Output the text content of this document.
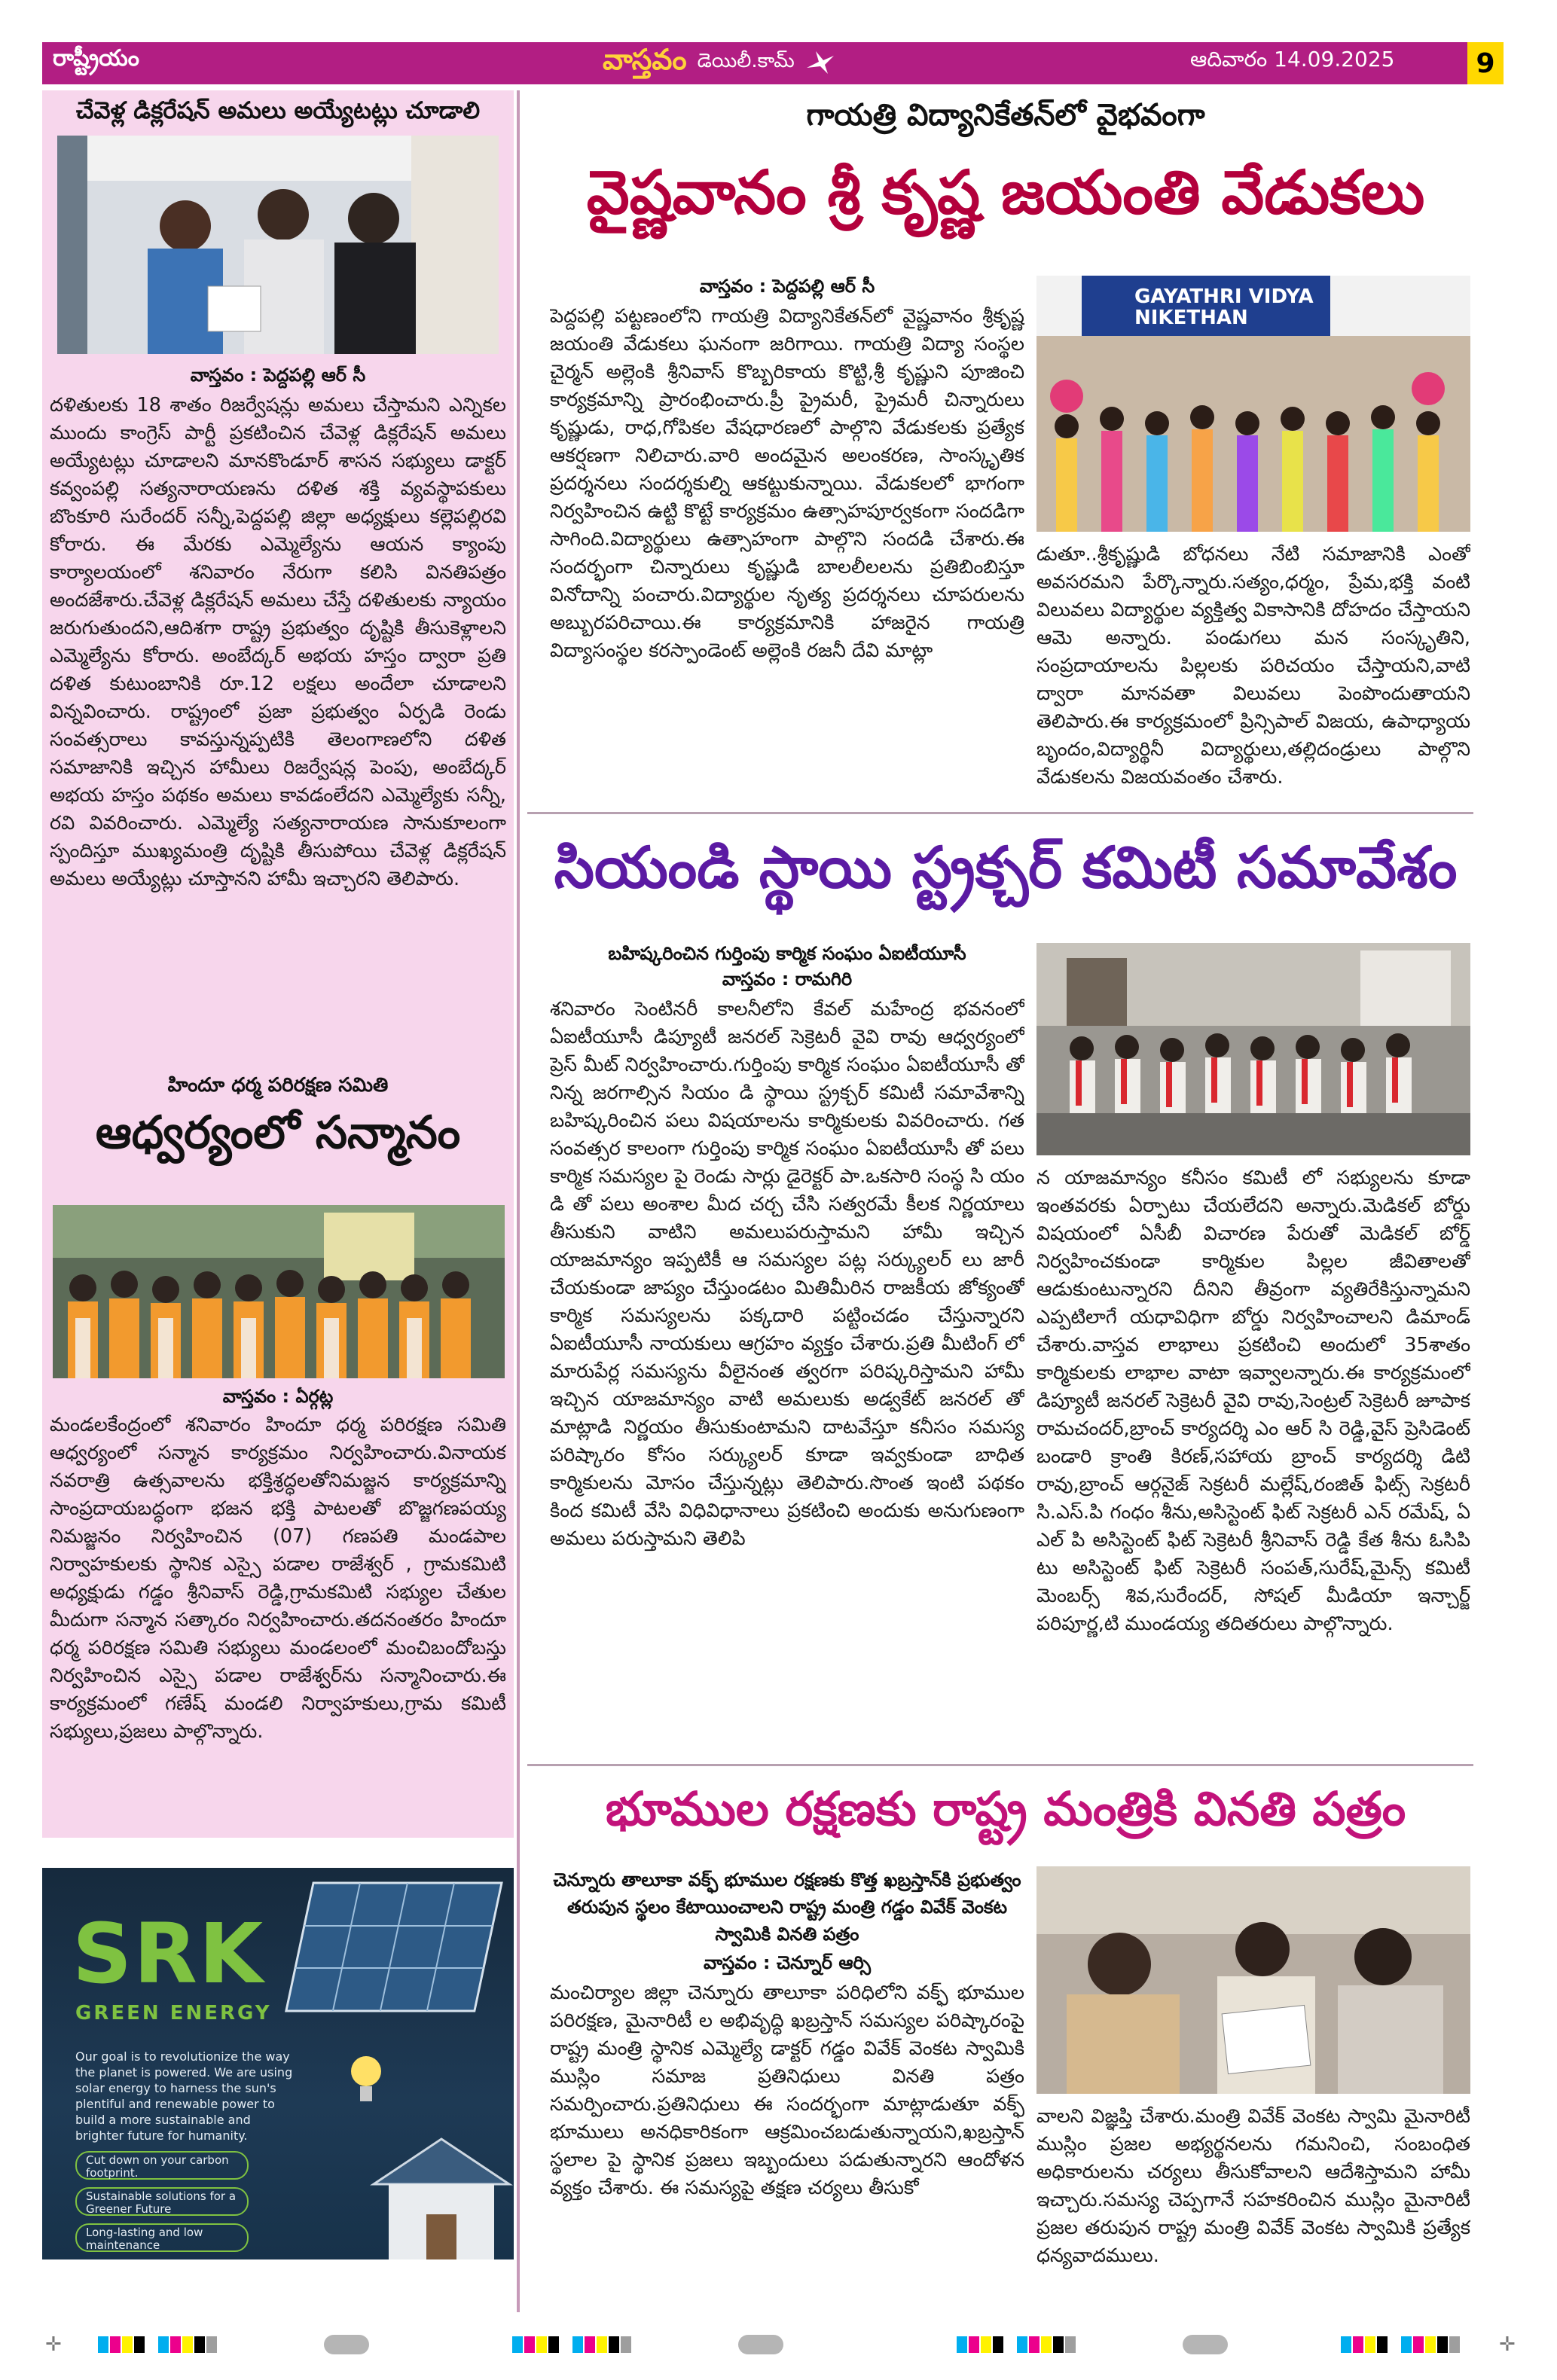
రాష్ట్రీయం	వాస్తవం డెయిలీ.కామ్	ఆదివారం 14.09.2025	9
చేవెళ్ల డిక్లరేషన్ అమలు అయ్యేటట్లు చూడాలి
వాస్తవం : పెద్దపల్లి ఆర్ సీ
దళితులకు 18 శాతం రిజర్వేషన్లు అమలు చేస్తామని ఎన్నికల ముందు కాంగ్రెస్ పార్టీ ప్రకటించిన చేవెళ్ల డిక్లరేషన్ అమలు అయ్యేటట్లు చూడాలని మానకొండూర్ శాసన సభ్యులు డాక్టర్ కవ్వంపల్లి సత్యనారాయణను దళిత శక్తి వ్యవస్థాపకులు బొంకూరి సురేందర్ సన్నీ,పెద్దపల్లి జిల్లా అధ్యక్షులు కల్లెపల్లిరవి కోరారు. ఈ మేరకు ఎమ్మెల్యేను ఆయన క్యాంపు కార్యాలయంలో శనివారం నేరుగా కలిసి వినతిపత్రం అందజేశారు.చేవెళ్ల డిక్లరేషన్ అమలు చేస్తే దళితులకు న్యాయం జరుగుతుందని,ఆదిశగా రాష్ట్ర ప్రభుత్వం దృష్టికి తీసుకెళ్లాలని ఎమ్మెల్యేను కోరారు. అంబేద్కర్ అభయ హస్తం ద్వారా ప్రతి దళిత కుటుంబానికి రూ.12 లక్షలు అందేలా చూడాలని విన్నవించారు. రాష్ట్రంలో ప్రజా ప్రభుత్వం ఏర్పడి రెండు సంవత్సరాలు కావస్తున్నప్పటికి తెలంగాణలోని దళిత సమాజానికి ఇచ్చిన హామీలు రిజర్వేషన్ల పెంపు, అంబేద్కర్ అభయ హస్తం పథకం అమలు కావడంలేదని ఎమ్మెల్యేకు సన్నీ, రవి వివరించారు. ఎమ్మెల్యే సత్యనారాయణ సానుకూలంగా స్పందిస్తూ ముఖ్యమంత్రి దృష్టికి తీసుపోయి చేవెళ్ల డిక్లరేషన్ అమలు అయ్యేట్లు చూస్తానని హామీ ఇచ్చారని తెలిపారు.
హిందూ ధర్మ పరిరక్షణ సమితి
ఆధ్వర్యంలో సన్మానం
వాస్తవం : ఏర్గట్ల
మండలకేంద్రంలో శనివారం హిందూ ధర్మ పరిరక్షణ సమితి ఆధ్వర్యంలో సన్మాన కార్యక్రమం నిర్వహించారు.వినాయక నవరాత్రి ఉత్సవాలను భక్తిశ్రద్ధలతోనిమజ్జన కార్యక్రమాన్ని సాంప్రదాయబద్ధంగా భజన భక్తి పాటలతో బొజ్జగణపయ్య నిమజ్జనం నిర్వహించిన (07) గణపతి మండపాల నిర్వాహకులకు స్థానిక ఎస్సై పడాల రాజేశ్వర్ , గ్రామకమిటి అధ్యక్షుడు గడ్డం శ్రీనివాస్ రెడ్డి,గ్రామకమిటి సభ్యుల చేతుల మీదుగా సన్మాన సత్కారం నిర్వహించారు.తదనంతరం హిందూ ధర్మ పరిరక్షణ సమితి సభ్యులు మండలంలో మంచిబందోబస్తు నిర్వహించిన ఎస్సై పడాల రాజేశ్వర్‌ను సన్మానించారు.ఈ కార్యక్రమంలో గణేష్ మండలి నిర్వాహకులు,గ్రామ కమిటీ సభ్యులు,ప్రజలు పాల్గొన్నారు.
SRK
GREEN ENERGY
Our goal is to revolutionize the way the planet is powered. We are using solar energy to harness the sun's plentiful and renewable power to build a more sustainable and brighter future for humanity.
Cut down on your carbon footprint.
Sustainable solutions for a Greener Future
Long-lasting and low maintenance
గాయత్రి విద్యానికేతన్‌లో వైభవంగా
వైష్ణవానం శ్రీ కృష్ణ జయంతి వేడుకలు
వాస్తవం : పెద్దపల్లి ఆర్ సీ
పెద్దపల్లి పట్టణంలోని గాయత్రి విద్యానికేతన్‌లో వైష్ణవానం శ్రీకృష్ణ జయంతి వేడుకలు ఘనంగా జరిగాయి. గాయత్రి విద్యా సంస్థల చైర్మన్ అల్లెంకి శ్రీనివాస్ కొబ్బరికాయ కొట్టి,శ్రీ కృష్ణుని పూజించి కార్యక్రమాన్ని ప్రారంభించారు.ప్రీ ప్రైమరీ, ప్రైమరీ చిన్నారులు కృష్ణుడు, రాధ,గోపికల వేషధారణలో పాల్గొని వేడుకలకు ప్రత్యేక ఆకర్షణగా నిలిచారు.వారి అందమైన అలంకరణ, సాంస్కృతిక ప్రదర్శనలు సందర్శకుల్ని ఆకట్టుకున్నాయి. వేడుకలలో భాగంగా నిర్వహించిన ఉట్టి కొట్టే కార్యక్రమం ఉత్సాహపూర్వకంగా సందడిగా సాగింది.విద్యార్థులు ఉత్సాహంగా పాల్గొని సందడి చేశారు.ఈ సందర్భంగా చిన్నారులు కృష్ణుడి బాలలీలలను ప్రతిబింబిస్తూ వినోదాన్ని పంచారు.విద్యార్థుల నృత్య ప్రదర్శనలు చూపరులను అబ్బురపరిచాయి.ఈ కార్యక్రమానికి హాజరైన గాయత్రి విద్యాసంస్థల కరస్పాండెంట్ అల్లెంకి రజనీ దేవి మాట్లా
GAYATHRI VIDYA NIKETHAN
డుతూ..శ్రీకృష్ణుడి బోధనలు నేటి సమాజానికి ఎంతో అవసరమని పేర్కొన్నారు.సత్యం,ధర్మం, ప్రేమ,భక్తి వంటి విలువలు విద్యార్థుల వ్యక్తిత్వ వికాసానికి దోహదం చేస్తాయని ఆమె అన్నారు. పండుగలు మన సంస్కృతిని, సంప్రదాయాలను పిల్లలకు పరిచయం చేస్తాయని,వాటి ద్వారా మానవతా విలువలు పెంపొందుతాయని తెలిపారు.ఈ కార్యక్రమంలో ప్రిన్సిపాల్ విజయ, ఉపాధ్యాయ బృందం,విద్యార్థినీ విద్యార్థులు,తల్లిదండ్రులు పాల్గొని వేడుకలను విజయవంతం చేశారు.
సియండి స్థాయి స్ట్రక్చర్ కమిటీ సమావేశం
బహిష్కరించిన గుర్తింపు కార్మిక సంఘం ఏఐటీయూసీ
వాస్తవం : రామగిరి
శనివారం సెంటినరీ కాలనీలోని కేవల్ మహేంద్ర భవనంలో ఏఐటీయూసీ డిప్యూటీ జనరల్ సెక్రెటరీ వైవి రావు ఆధ్వర్యంలో ప్రెస్ మీట్ నిర్వహించారు.గుర్తింపు కార్మిక సంఘం ఏఐటీయూసీ తో నిన్న జరగాల్సిన సియం డి స్థాయి స్ట్రక్చర్ కమిటీ సమావేశాన్ని బహిష్కరించిన పలు విషయాలను కార్మికులకు వివరించారు. గత సంవత్సర కాలంగా గుర్తింపు కార్మిక సంఘం ఏఐటీయూసీ తో పలు కార్మిక సమస్యల పై రెండు సార్లు డైరెక్టర్ పా.ఒకసారి సంస్థ సి యం డి తో పలు అంశాల మీద చర్చ చేసి సత్వరమే కీలక నిర్ణయాలు తీసుకుని వాటిని అమలుపరుస్తామని హామీ ఇచ్చిన యాజమాన్యం ఇప్పటికీ ఆ సమస్యల పట్ల సర్క్యులర్ లు జారీ చేయకుండా జాప్యం చేస్తుండటం మితిమీరిన రాజకీయ జోక్యంతో కార్మిక సమస్యలను పక్కదారి పట్టించడం చేస్తున్నారని ఏఐటీయూసీ నాయకులు ఆగ్రహం వ్యక్తం చేశారు.ప్రతి మీటింగ్ లో మారుపేర్ల సమస్యను వీలైనంత త్వరగా పరిష్కరిస్తామని హామీ ఇచ్చిన యాజమాన్యం వాటి అమలుకు అడ్వకేట్ జనరల్ తో మాట్లాడి నిర్ణయం తీసుకుంటామని దాటవేస్తూ కనీసం సమస్య పరిష్కారం కోసం సర్క్యులర్ కూడా ఇవ్వకుండా బాధిత కార్మికులను మోసం చేస్తున్నట్లు తెలిపారు.సొంత ఇంటి పథకం కింద కమిటీ వేసి విధివిధానాలు ప్రకటించి అందుకు అనుగుణంగా అమలు పరుస్తామని తెలిపి
న యాజమాన్యం కనీసం కమిటీ లో సభ్యులను కూడా ఇంతవరకు ఏర్పాటు చేయలేదని అన్నారు.మెడికల్ బోర్డు విషయంలో ఏసీబీ విచారణ పేరుతో మెడికల్ బోర్డ్ నిర్వహించకుండా కార్మికుల పిల్లల జీవితాలతో ఆడుకుంటున్నారని దీనిని తీవ్రంగా వ్యతిరేకిస్తున్నామని ఎప్పటిలాగే యధావిధిగా బోర్డు నిర్వహించాలని డిమాండ్ చేశారు.వాస్తవ లాభాలు ప్రకటించి అందులో 35శాతం కార్మికులకు లాభాల వాటా ఇవ్వాలన్నారు.ఈ కార్యక్రమంలో డిప్యూటీ జనరల్ సెక్రెటరీ వైవి రావు,సెంట్రల్ సెక్రెటరీ జూపాక రామచందర్,బ్రాంచ్ కార్యదర్శి ఎం ఆర్ సి రెడ్డి,వైస్ ప్రెసిడెంట్ బండారి క్రాంతి కిరణ్,సహాయ బ్రాంచ్ కార్యదర్శి డిటి రావు,బ్రాంచ్ ఆర్గనైజ్ సెక్రటరీ మల్లేష్,రంజిత్ ఫిట్స్ సెక్రటరీ సి.ఎస్.పి గంధం శీను,అసిస్టెంట్ ఫిట్ సెక్రటరీ ఎన్ రమేష్, ఏ ఎల్ పి అసిస్టెంట్ ఫిట్ సెక్రెటరీ శ్రీనివాస్ రెడ్డి కేత శీను ఓసిపి టు అసిస్టెంట్ ఫిట్ సెక్రెటరీ సంపత్,సురేష్,మైన్స్ కమిటీ మెంబర్స్ శివ,సురేందర్, సోషల్ మీడియా ఇన్చార్జ్ పరిపూర్ణ,టి ముండయ్య తదితరులు పాల్గొన్నారు.
భూముల రక్షణకు రాష్ట్ర మంత్రికి వినతి పత్రం
చెన్నూరు తాలూకా వక్ఫ్ భూముల రక్షణకు కొత్త ఖబ్రస్తాన్‌కి ప్రభుత్వం తరుపున స్థలం కేటాయించాలని రాష్ట్ర మంత్రి గడ్డం వివేక్ వెంకట స్వామికి వినతి పత్రం
వాస్తవం : చెన్నూర్ ఆర్సి
మంచిర్యాల జిల్లా చెన్నూరు తాలూకా పరిధిలోని వక్ఫ్ భూముల పరిరక్షణ, మైనారిటీ ల అభివృద్ధి ఖబ్రస్తాన్ సమస్యల పరిష్కారంపై రాష్ట్ర మంత్రి స్థానిక ఎమ్మెల్యే డాక్టర్ గడ్డం వివేక్ వెంకట స్వామికి ముస్లిం సమాజ ప్రతినిధులు వినతి పత్రం సమర్పించారు.ప్రతినిధులు ఈ సందర్భంగా మాట్లాడుతూ వక్ఫ్ భూములు అనధికారికంగా ఆక్రమించబడుతున్నాయని,ఖబ్రస్తాన్ స్థలాల పై స్థానిక ప్రజలు ఇబ్బందులు పడుతున్నారని ఆందోళన వ్యక్తం చేశారు. ఈ సమస్యపై తక్షణ చర్యలు తీసుకో
వాలని విజ్ఞప్తి చేశారు.మంత్రి వివేక్ వెంకట స్వామి మైనారిటీ ముస్లిం ప్రజల అభ్యర్థనలను గమనించి, సంబంధిత అధికారులను చర్యలు తీసుకోవాలని ఆదేశిస్తామని హామీ ఇచ్చారు.సమస్య చెప్పగానే సహకరించిన ముస్లిం మైనారిటీ ప్రజల తరుపున రాష్ట్ర మంత్రి వివేక్ వెంకట స్వామికి ప్రత్యేక ధన్యవాదములు.
✛	✛
